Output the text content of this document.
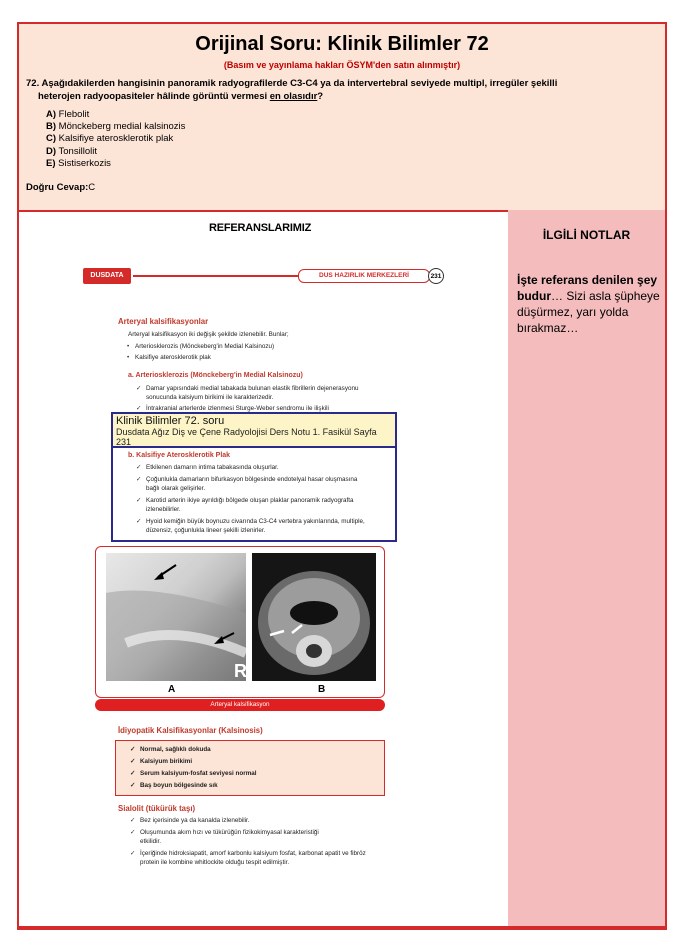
Orijinal Soru: Klinik Bilimler 72
(Basım ve yayınlama hakları ÖSYM'den satın alınmıştır)
72. Aşağıdakilerden hangisinin panoramik radyografilerde C3-C4 ya da intervertebral seviyede multipl, irregüler şekilli
heterojen radyoopasiteler hâlinde görüntü vermesi en olasıdır?
A) Flebolit
B) Mönckeberg medial kalsinozis
C) Kalsifiye aterosklerotik plak
D) Tonsillolit
E) Sistiserkozis
Doğru Cevap:C
REFERANSLARIMIZ	İLGİLİ NOTLAR
İşte referans denilen şey budur… Sizi asla şüpheye düşürmez, yarı yolda bırakmaz…
DUSDATA	DUS HAZIRLIK MERKEZLERİ	231
Arteryal kalsifikasyonlar
Arteryal kalsifikasyon iki değişik şekilde izlenebilir. Bunlar;
• Arteriosklerozis (Mönckeberg'in Medial Kalsinozu)
• Kalsifiye aterosklerotik plak
a. Arteriosklerozis (Mönckeberg'in Medial Kalsinozu)
✓ Damar yapısındaki medial tabakada bulunan elastik fibrillerin dejenerasyonu
sonucunda kalsiyum birikimi ile karakterizedir.
✓ İntrakranial arterlerde izlenmesi Sturge-Weber sendromu ile ilişkili
b. Kalsifiye Aterosklerotik Plak
✓ Etkilenen damarın intima tabakasında oluşurlar.
✓ Çoğunlukla damarların bifurkasyon bölgesinde endotelyal hasar oluşmasına
bağlı olarak gelişirler.
✓ Karotid arterin ikiye ayrıldığı bölgede oluşan plaklar panoramik radyografta
izlenebilirler.
✓ Hyoid kemiğin büyük boynuzu civarında C3-C4 vertebra yakınlarında, multiple,
düzensiz, çoğunlukla lineer şekilli izlenirler.
Klinik Bilimler 72. soru
Dusdata Ağız Diş ve Çene Radyolojisi Ders Notu 1. Fasikül Sayfa
231
R
A	B
Arteryal kalsifikasyon
İdiyopatik Kalsifikasyonlar (Kalsinosis)
✓ Normal, sağlıklı dokuda
✓ Kalsiyum birikimi
✓ Serum kalsiyum-fosfat seviyesi normal
✓ Baş boyun bölgesinde sık
Sialolit (tükürük taşı)
✓ Bez içerisinde ya da kanalda izlenebilir.
✓ Oluşumunda akım hızı ve tükürüğün fizikokimyasal karakteristiği
etkilidir.
✓ İçeriğinde hidroksiapatit, amorf karbonlu kalsiyum fosfat, karbonat apatit ve fibröz
protein ile kombine whitlockite olduğu tespit edilmiştir.
